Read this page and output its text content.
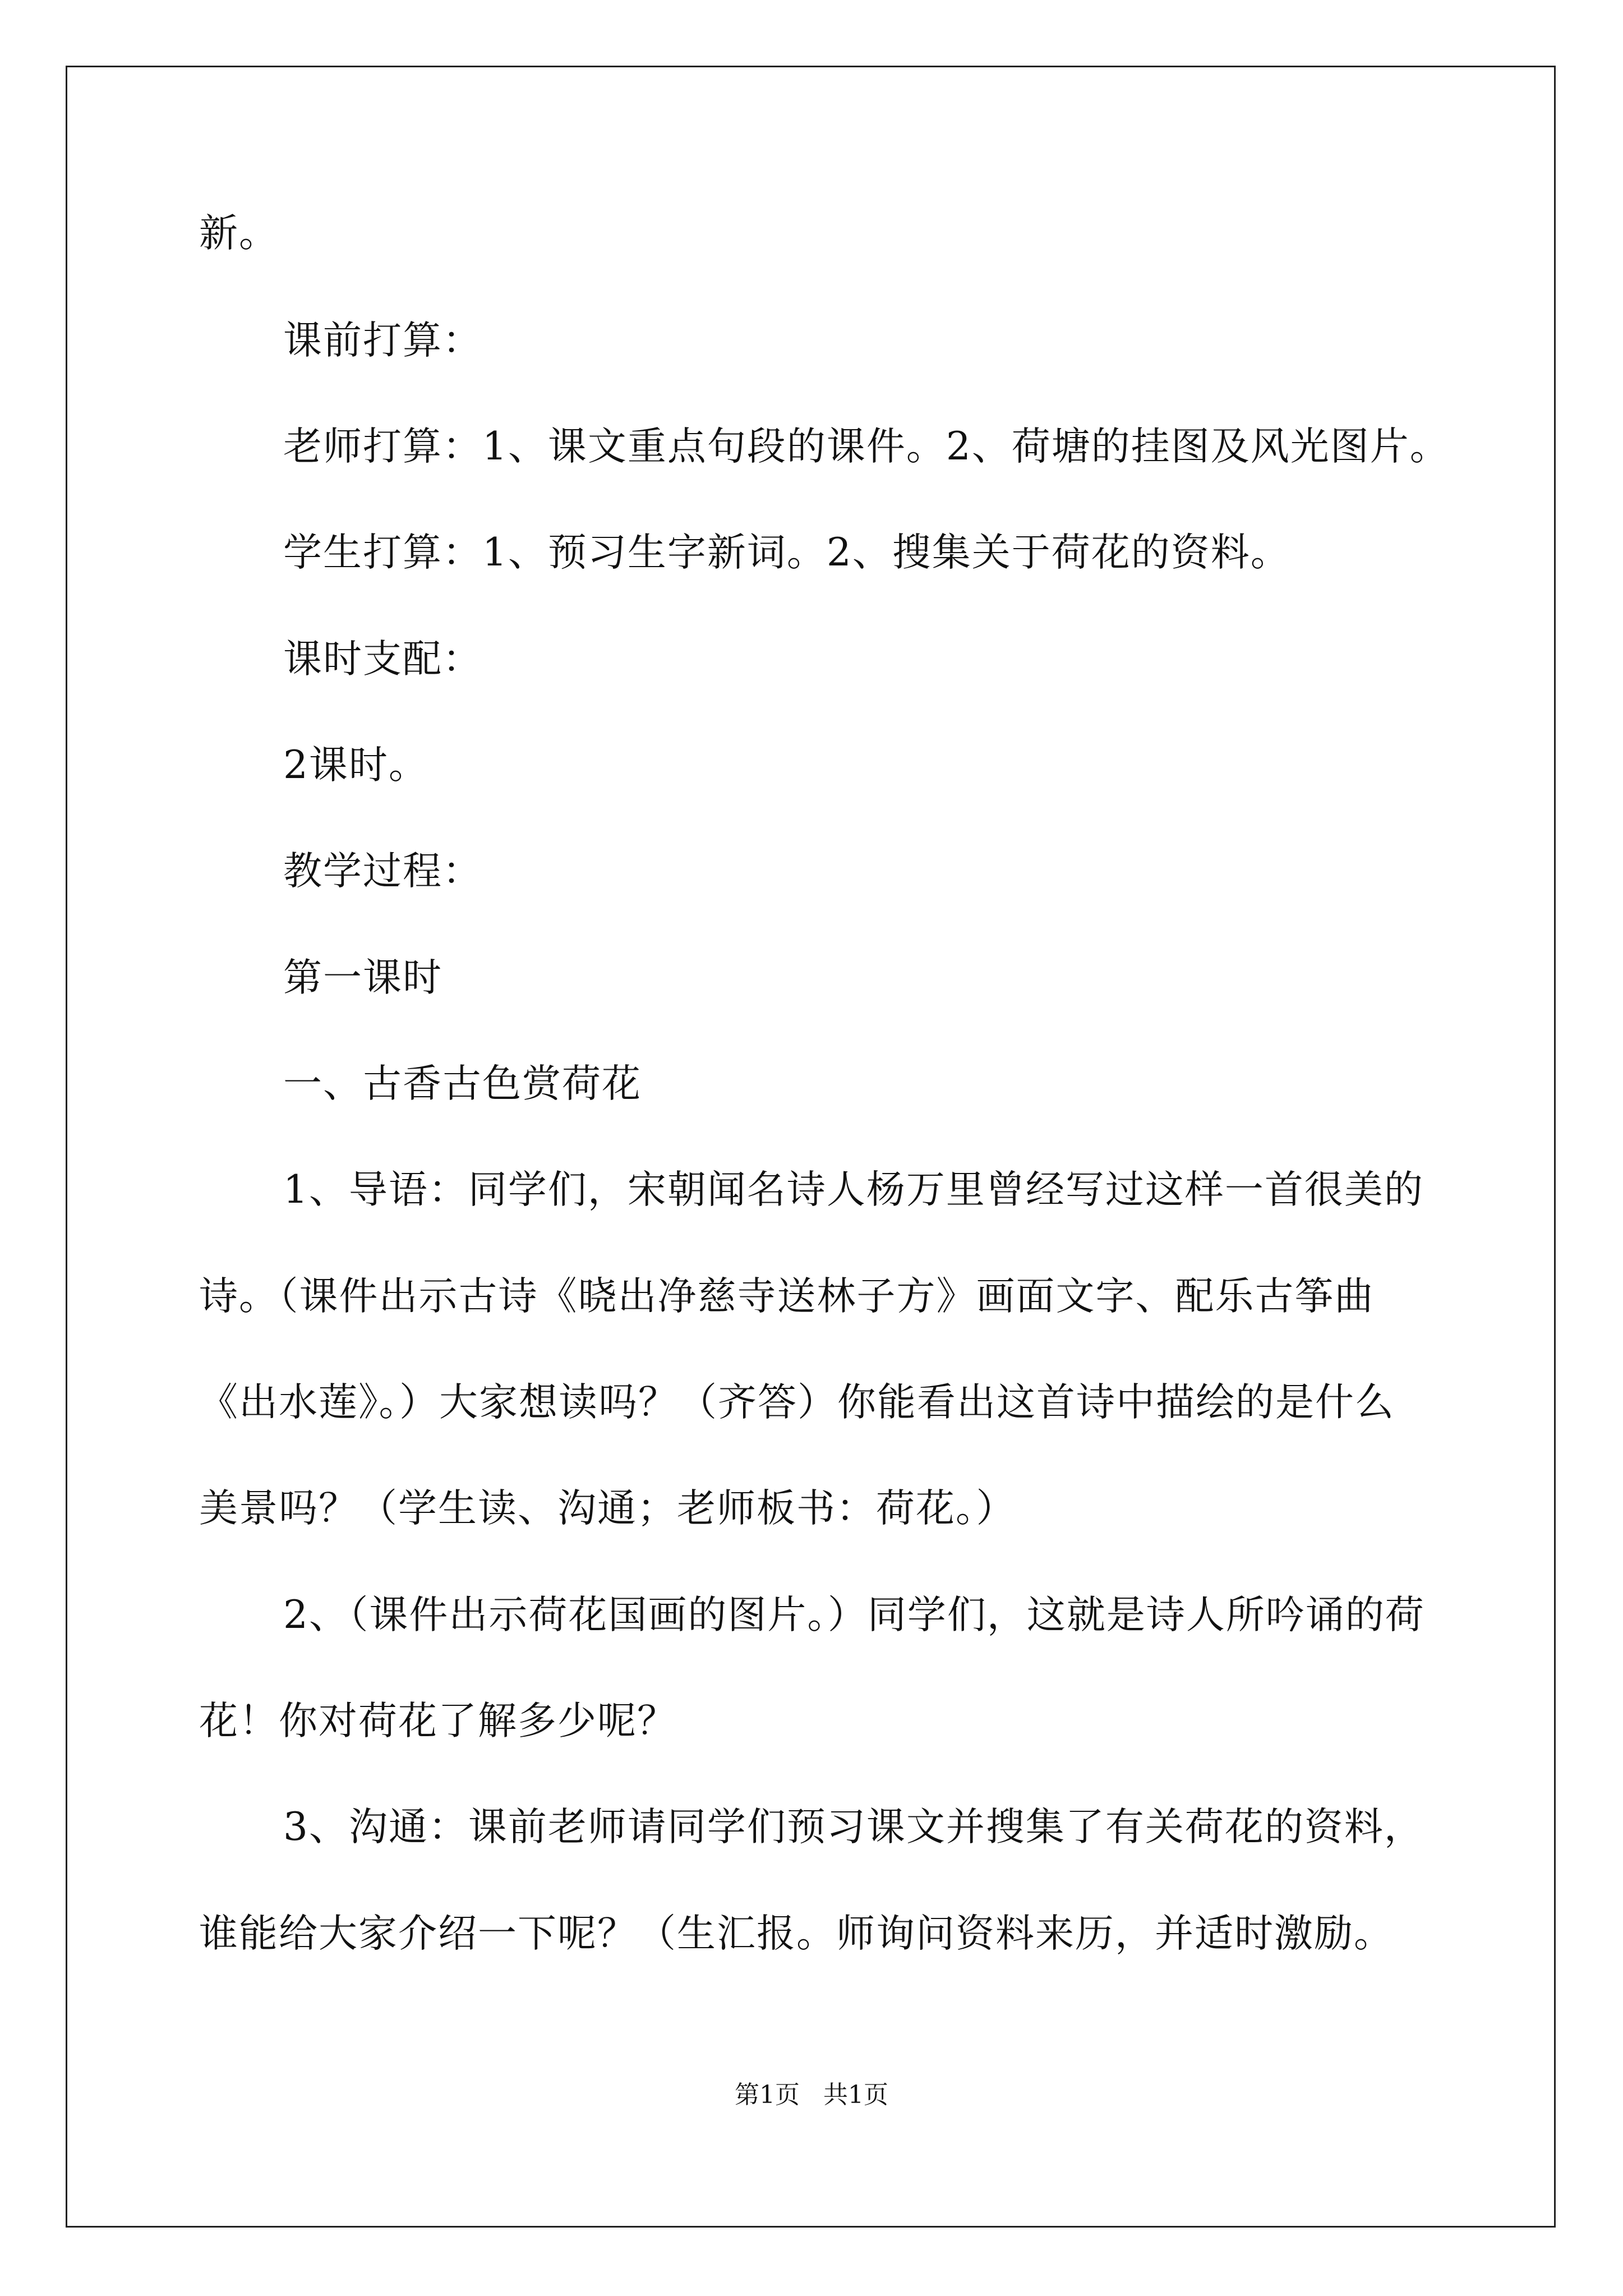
新。
课前打算：
老师打算：1、课文重点句段的课件。2、荷塘的挂图及风光图片。
学生打算：1、预习生字新词。2、搜集关于荷花的资料。
课时支配：
2课时。
教学过程：
第一课时
一、古香古色赏荷花
1、导语：同学们，宋朝闻名诗人杨万里曾经写过这样一首很美的
诗。（课件出示古诗《晓出净慈寺送林子方》画面文字、配乐古筝曲
《出水莲》。）大家想读吗？（齐答）你能看出这首诗中描绘的是什么
美景吗？（学生读、沟通；老师板书：荷花。）
2、（课件出示荷花国画的图片。）同学们，这就是诗人所吟诵的荷
花！你对荷花了解多少呢？
3、沟通：课前老师请同学们预习课文并搜集了有关荷花的资料，
谁能给大家介绍一下呢？（生汇报。师询问资料来历，并适时激励。
第1页   共1页
